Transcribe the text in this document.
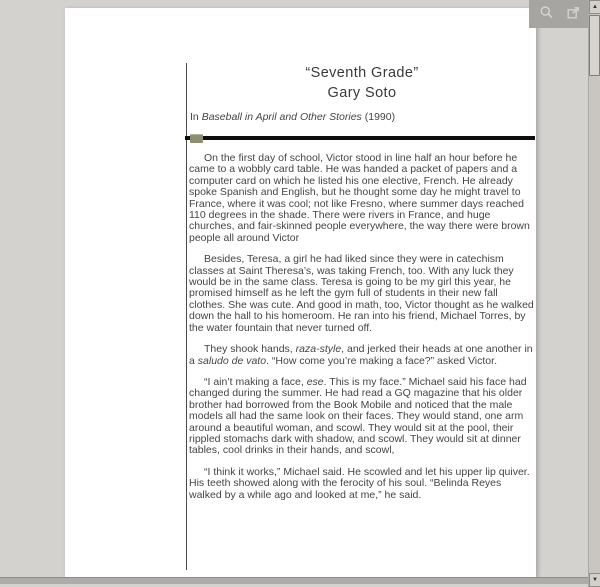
“Seventh Grade”
Gary Soto
In Baseball in April and Other Stories (1990)

On the first day of school, Victor stood in line half an hour before he came to a wobbly card table. He was handed a packet of papers and a computer card on which he listed his one elective, French. He already spoke Spanish and English, but he thought some day he might travel to France, where it was cool; not like Fresno, where summer days reached 110 degrees in the shade. There were rivers in France, and huge churches, and fair-skinned people everywhere, the way there were brown people all around Victor

Besides, Teresa, a girl he had liked since they were in catechism classes at Saint Theresa’s, was taking French, too. With any luck they would be in the same class. Teresa is going to be my girl this year, he promised himself as he left the gym full of students in their new fall clothes. She was cute. And good in math, too, Victor thought as he walked down the hall to his homeroom. He ran into his friend, Michael Torres, by the water fountain that never turned off.

They shook hands, raza-style, and jerked their heads at one another in a saludo de vato. “How come you’re making a face?” asked Victor.

“I ain’t making a face, ese. This is my face.” Michael said his face had changed during the summer. He had read a GQ magazine that his older brother had borrowed from the Book Mobile and noticed that the male models all had the same look on their faces. They would stand, one arm around a beautiful woman, and scowl. They would sit at the pool, their rippled stomachs dark with shadow, and scowl. They would sit at dinner tables, cool drinks in their hands, and scowl,

“I think it works,” Michael said. He scowled and let his upper lip quiver. His teeth showed along with the ferocity of his soul. “Belinda Reyes walked by a while ago and looked at me,” he said.

▲
▼
